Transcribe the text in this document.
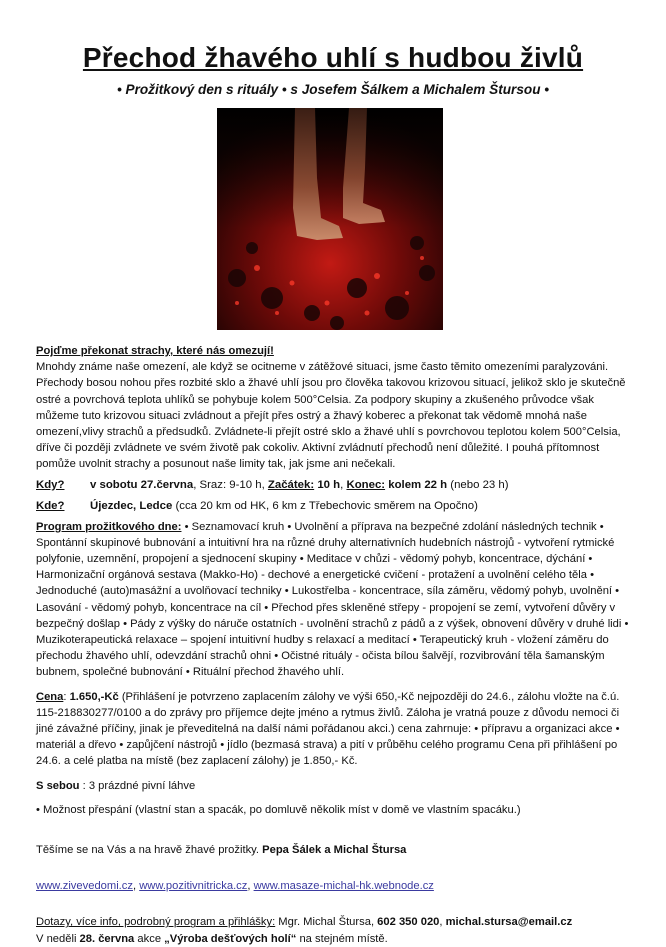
Přechod žhavého uhlí s hudbou živlů
• Prožitkový den s rituály • s Josefem Šálkem a Michalem Štursou •

Pojďme překonat strachy, které nás omezují!

Mnohdy známe naše omezení, ale když se ocitneme v zátěžové situaci, jsme často těmito omezeními paralyzováni. Přechody bosou nohou přes rozbité sklo a žhavé uhlí jsou pro člověka takovou krizovou situací, jelikož sklo je skutečně ostré a povrchová teplota uhlíků se pohybuje kolem 500°Celsia. Za podpory skupiny a zkušeného průvodce však můžeme tuto krizovou situaci zvládnout a přejít přes ostrý a žhavý koberec a překonat tak vědomě mnohá naše omezení,vlivy strachů a předsudků. Zvládnete-li přejít ostré sklo a žhavé uhlí s povrchovou teplotou kolem 500°Celsia, dříve či později zvládnete ve svém životě pak cokoliv. Aktivní zvládnutí přechodů není důležité. I pouhá přítomnost pomůže uvolnit strachy a posunout naše limity tak, jak jsme ani nečekali.

Kdy?	v sobotu 27.června, Sraz: 9-10 h, Začátek: 10 h, Konec: kolem 22 h (nebo 23 h)
Kde?	Újezdec, Ledce (cca 20 km od HK, 6 km z Třebechovic směrem na Opočno)

Program prožitkového dne: • Seznamovací kruh • Uvolnění a příprava na bezpečné zdolání následných technik • Spontánní skupinové bubnování a intuitivní hra na různé druhy alternativních hudebních nástrojů - vytvoření rytmické polyfonie, uzemnění, propojení a sjednocení skupiny • Meditace v chůzi - vědomý pohyb, koncentrace, dýchání • Harmonizační orgánová sestava (Makko-Ho) - dechové a energetické cvičení - protažení a uvolnění celého těla • Jednoduché (auto)masážní a uvolňovací techniky • Lukostřelba - koncentrace, síla záměru, vědomý pohyb, uvolnění • Lasování - vědomý pohyb, koncentrace na cíl • Přechod přes skleněné střepy - propojení se zemí, vytvoření důvěry v bezpečný došlap • Pády z výšky do náruče ostatních - uvolnění strachů z pádů a z výšek, obnovení důvěry v druhé lidi • Muzikoterapeutická relaxace – spojení intuitivní hudby s relaxací a meditací • Terapeutický kruh - vložení záměru do přechodu žhavého uhlí, odevzdání strachů ohni • Očistné rituály - očista bílou šalvějí, rozvibrování těla šamanským bubnem, společné bubnování • Rituální přechod žhavého uhlí.

Cena: 1.650,-Kč (Přihlášení je potvrzeno zaplacením zálohy ve výši 650,-Kč nejpozději do 24.6., zálohu vložte na č.ú. 115-218830277/0100 a do zprávy pro příjemce dejte jméno a rytmus živlů. Záloha je vratná pouze z důvodu nemoci či jiné závažné příčiny, jinak je převeditelná na další námi pořádanou akci.) cena zahrnuje: • přípravu a organizaci akce • materiál a dřevo • zapůjčení nástrojů • jídlo (bezmasá strava) a pití v průběhu celého programu Cena při přihlášení po 24.6. a celé platba na místě (bez zaplacení zálohy) je 1.850,- Kč.

S sebou : 3 prázdné pivní láhve

• Možnost přespání (vlastní stan a spacák, po domluvě několik míst v domě ve vlastním spacáku.)

Těšíme se na Vás a na hravě žhavé prožitky. Pepa Šálek a Michal Štursa

www.zivevedomi.cz, www.pozitivnitricka.cz, www.masaze-michal-hk.webnode.cz

Dotazy, více info, podrobný program a přihlášky: Mgr. Michal Štursa, 602 350 020, michal.stursa@email.cz

V neděli 28. června akce „Výroba dešťových holí“ na stejném místě.
